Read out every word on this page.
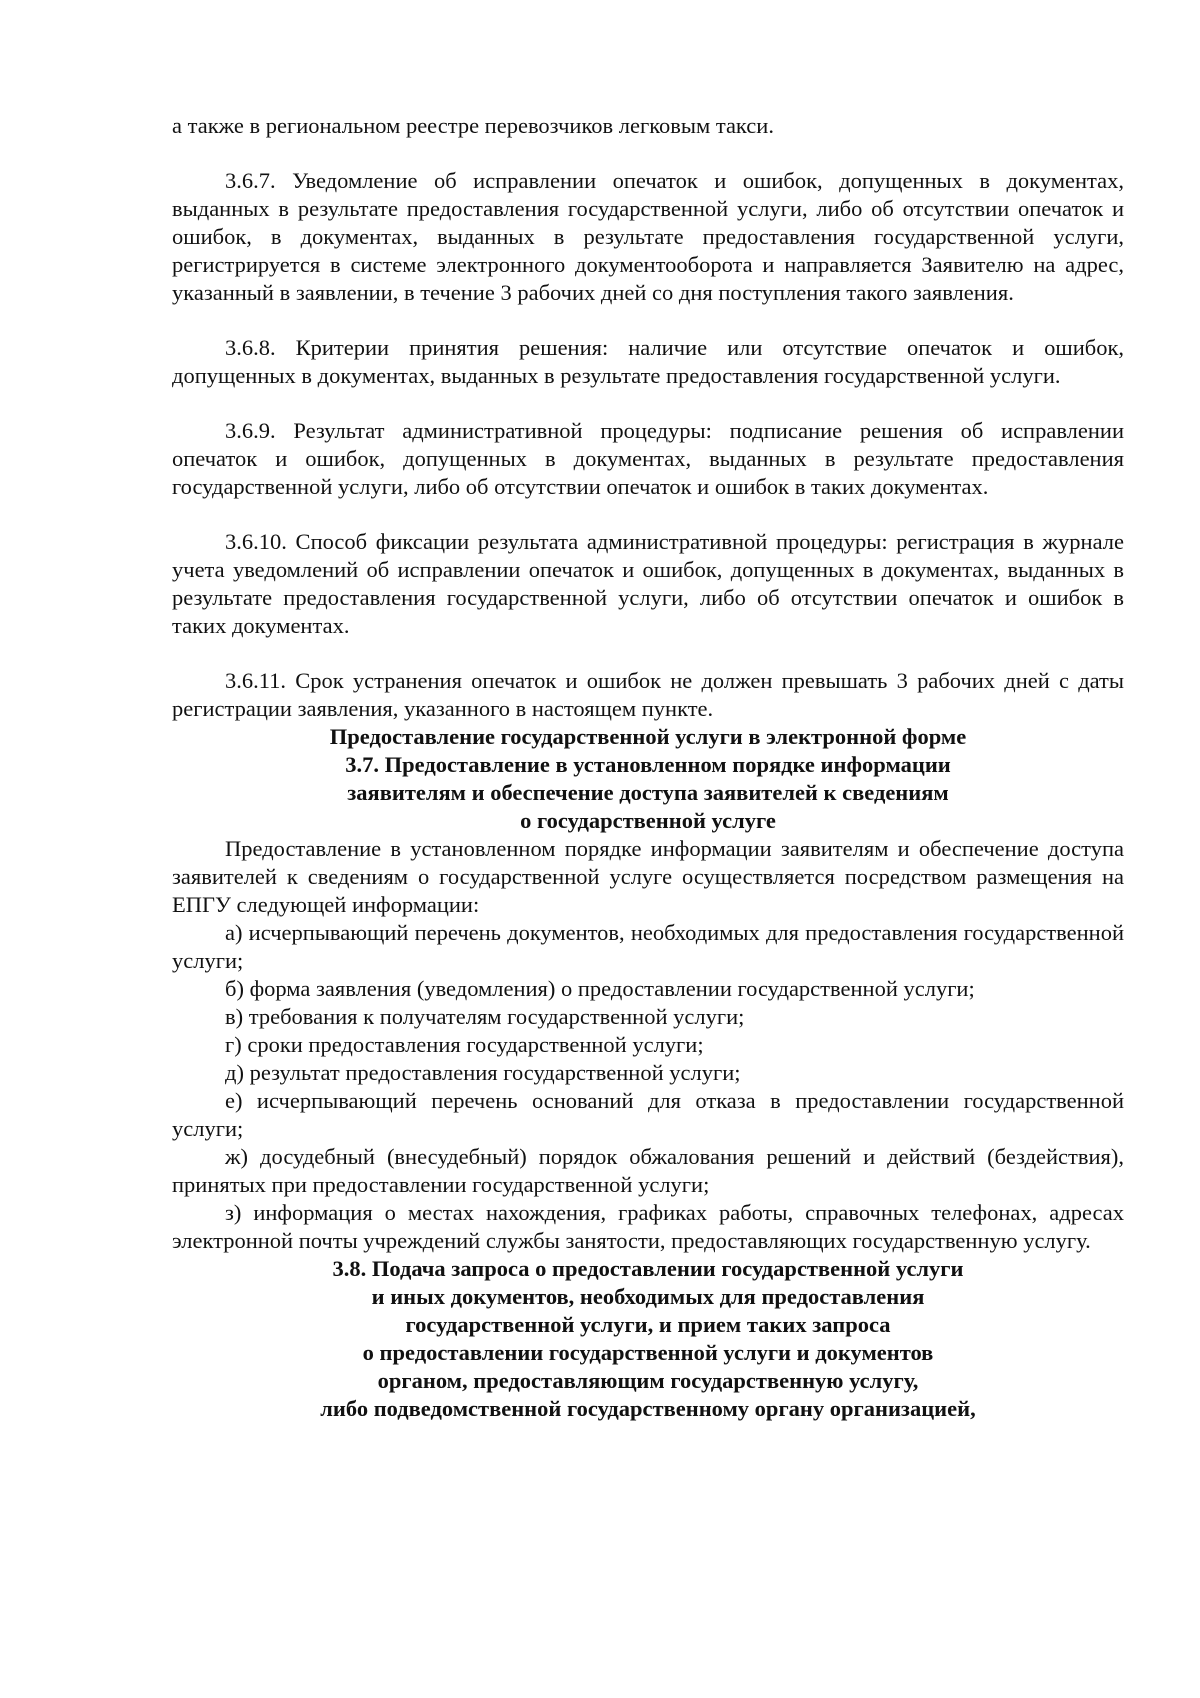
а также в региональном реестре перевозчиков легковым такси.

3.6.7. Уведомление об исправлении опечаток и ошибок, допущенных в документах, выданных в результате предоставления государственной услуги, либо об отсутствии опечаток и ошибок, в документах, выданных в результате предоставления государственной услуги, регистрируется в системе электронного документооборота и направляется Заявителю на адрес, указанный в заявлении, в течение 3 рабочих дней со дня поступления такого заявления.

3.6.8. Критерии принятия решения: наличие или отсутствие опечаток и ошибок, допущенных в документах, выданных в результате предоставления государственной услуги.

3.6.9. Результат административной процедуры: подписание решения об исправлении опечаток и ошибок, допущенных в документах, выданных в результате предоставления государственной услуги, либо об отсутствии опечаток и ошибок в таких документах.

3.6.10. Способ фиксации результата административной процедуры: регистрация в журнале учета уведомлений об исправлении опечаток и ошибок, допущенных в документах, выданных в результате предоставления государственной услуги, либо об отсутствии опечаток и ошибок в таких документах.

3.6.11. Срок устранения опечаток и ошибок не должен превышать 3 рабочих дней с даты регистрации заявления, указанного в настоящем пункте.

Предоставление государственной услуги в электронной форме

3.7. Предоставление в установленном порядке информации
заявителям и обеспечение доступа заявителей к сведениям
о государственной услуге

Предоставление в установленном порядке информации заявителям и обеспечение доступа заявителей к сведениям о государственной услуге осуществляется посредством размещения на ЕПГУ следующей информации:

а) исчерпывающий перечень документов, необходимых для предоставления государственной услуги;

б) форма заявления (уведомления) о предоставлении государственной услуги;

в) требования к получателям государственной услуги;

г) сроки предоставления государственной услуги;

д) результат предоставления государственной услуги;

е) исчерпывающий перечень оснований для отказа в предоставлении государственной услуги;

ж) досудебный (внесудебный) порядок обжалования решений и действий (бездействия), принятых при предоставлении государственной услуги;

з) информация о местах нахождения, графиках работы, справочных телефонах, адресах электронной почты учреждений службы занятости, предоставляющих государственную услугу.

3.8. Подача запроса о предоставлении государственной услуги
и иных документов, необходимых для предоставления
государственной услуги, и прием таких запроса
о предоставлении государственной услуги и документов
органом, предоставляющим государственную услугу,
либо подведомственной государственному органу организацией,
